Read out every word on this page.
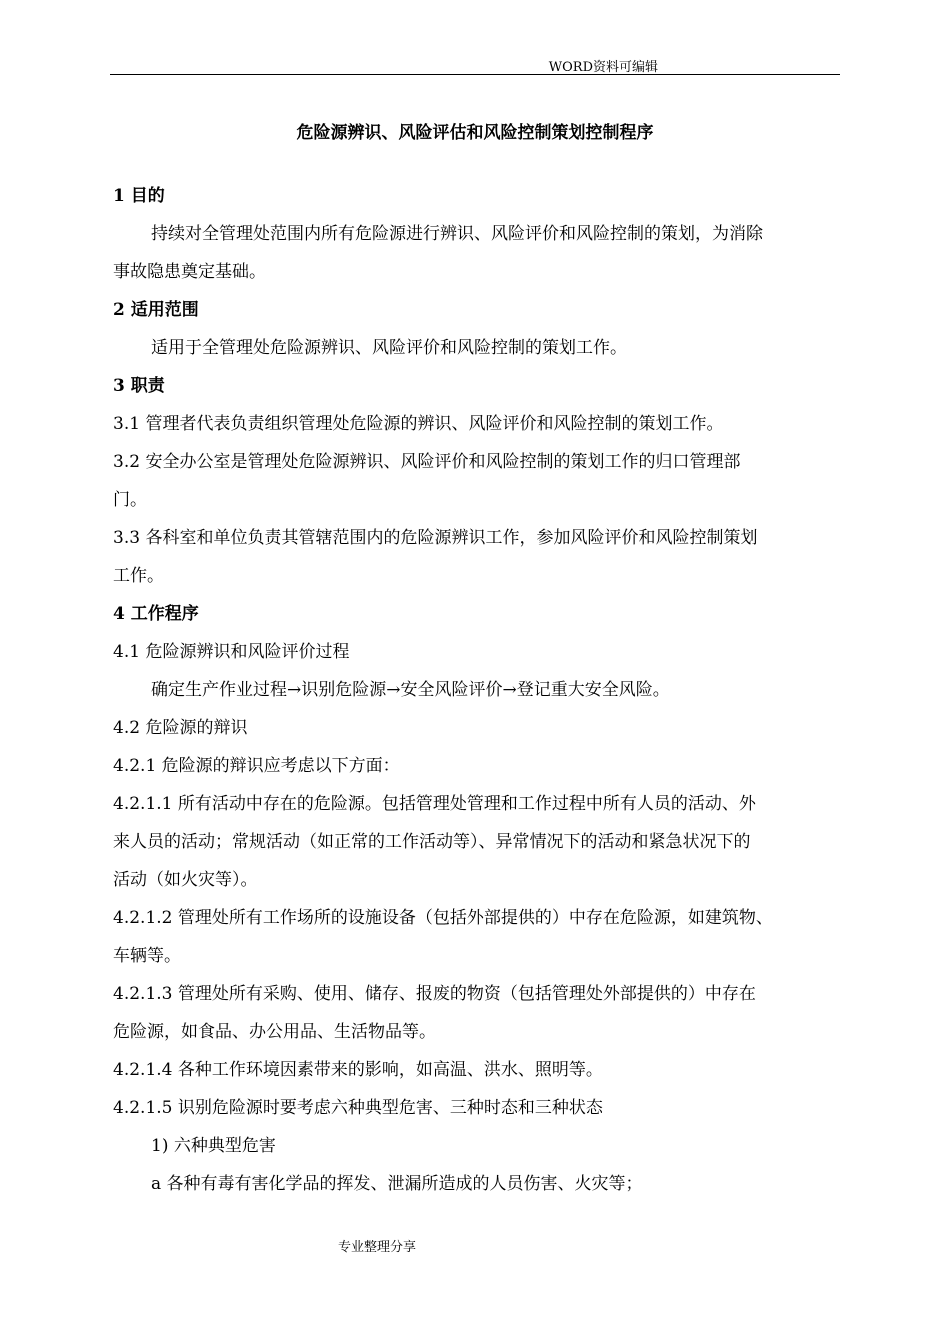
WORD资料可编辑
危险源辨识、风险评估和风险控制策划控制程序
1 目的
持续对全管理处范围内所有危险源进行辨识、风险评价和风险控制的策划，为消除
事故隐患奠定基础。
2 适用范围
适用于全管理处危险源辨识、风险评价和风险控制的策划工作。
3 职责
3.1 管理者代表负责组织管理处危险源的辨识、风险评价和风险控制的策划工作。
3.2 安全办公室是管理处危险源辨识、风险评价和风险控制的策划工作的归口管理部
门。
3.3 各科室和单位负责其管辖范围内的危险源辨识工作，参加风险评价和风险控制策划
工作。
4 工作程序
4.1 危险源辨识和风险评价过程
确定生产作业过程→识别危险源→安全风险评价→登记重大安全风险。
4.2 危险源的辩识
4.2.1 危险源的辩识应考虑以下方面：
4.2.1.1 所有活动中存在的危险源。包括管理处管理和工作过程中所有人员的活动、外
来人员的活动；常规活动（如正常的工作活动等）、异常情况下的活动和紧急状况下的
活动（如火灾等）。
4.2.1.2 管理处所有工作场所的设施设备（包括外部提供的）中存在危险源，如建筑物、
车辆等。
4.2.1.3 管理处所有采购、使用、储存、报废的物资（包括管理处外部提供的）中存在
危险源，如食品、办公用品、生活物品等。
4.2.1.4 各种工作环境因素带来的影响，如高温、洪水、照明等。
4.2.1.5 识别危险源时要考虑六种典型危害、三种时态和三种状态
1) 六种典型危害
a 各种有毒有害化学品的挥发、泄漏所造成的人员伤害、火灾等；
专业整理分享
